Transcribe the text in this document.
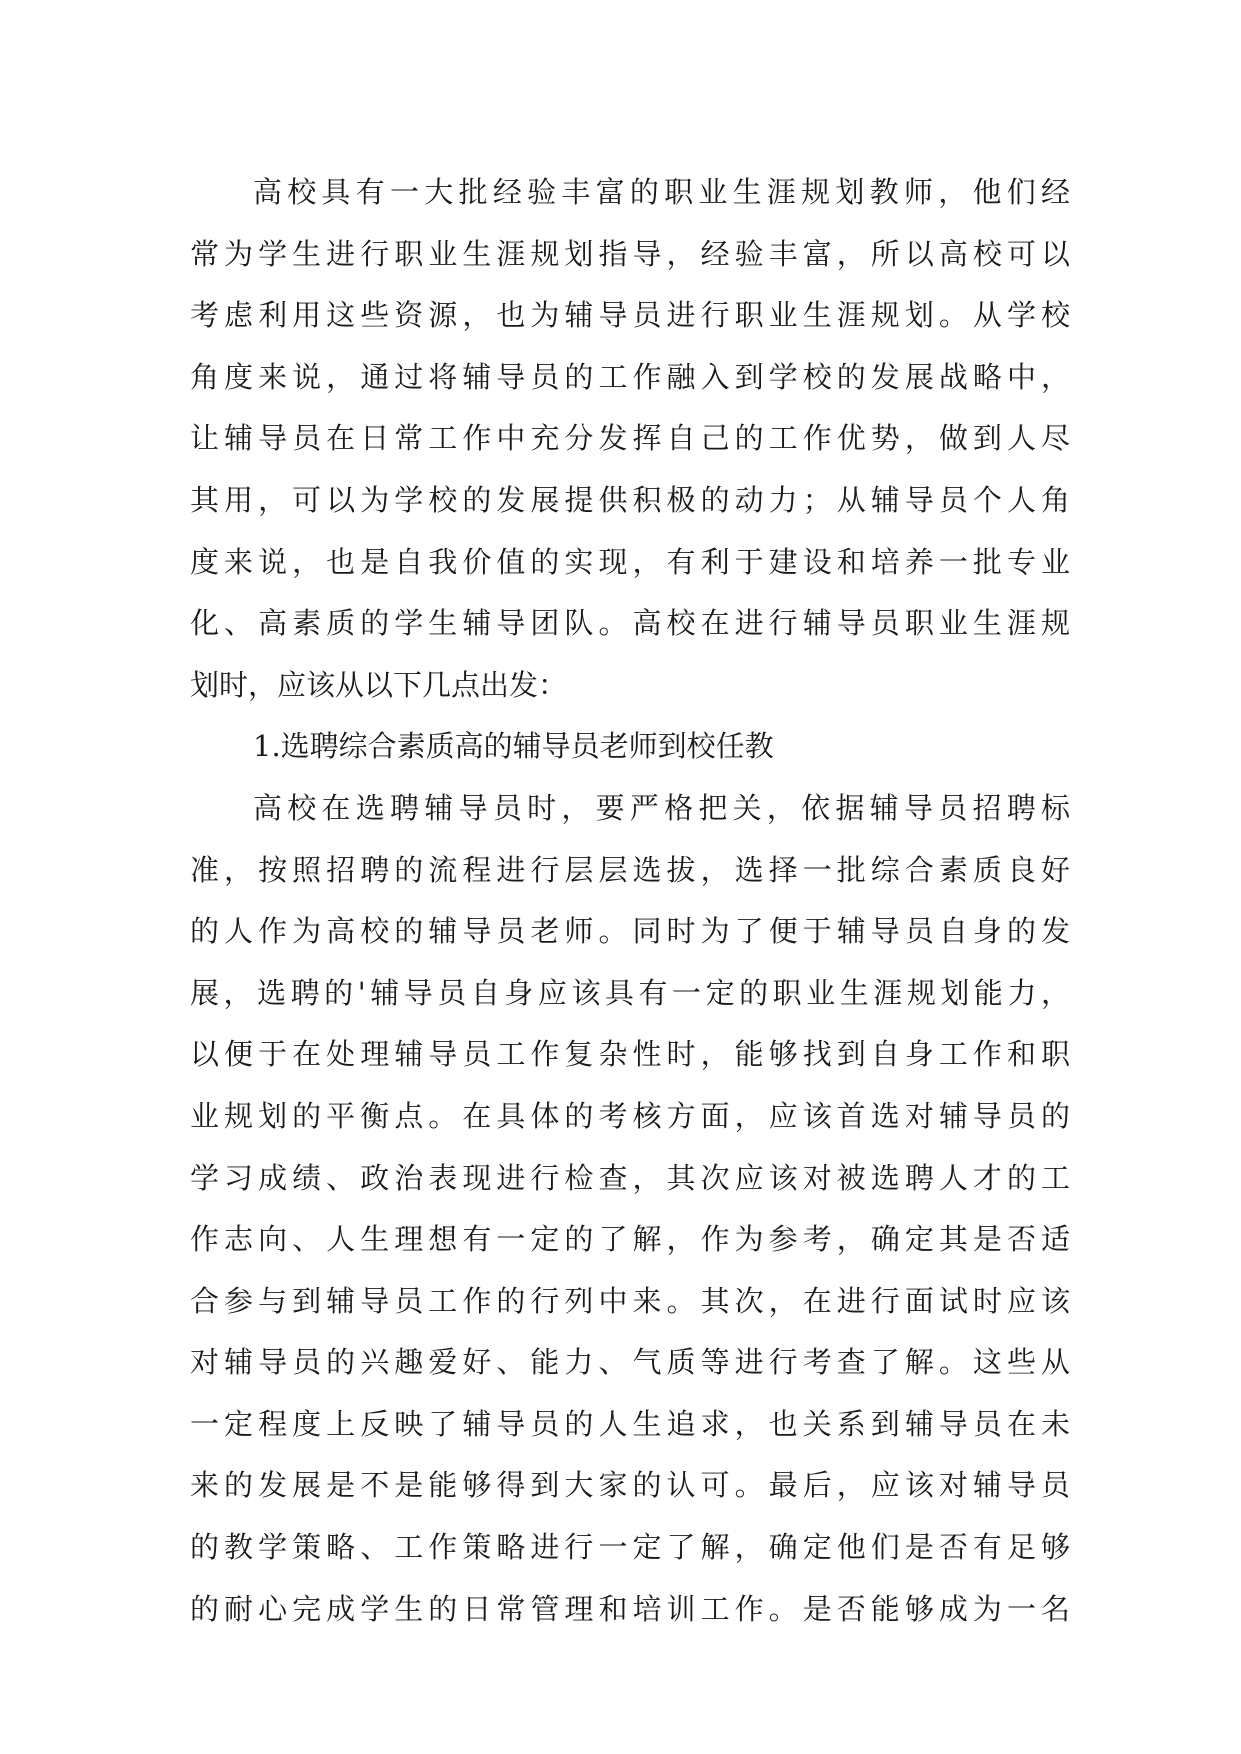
高校具有一大批经验丰富的职业生涯规划教师，他们经
常为学生进行职业生涯规划指导，经验丰富，所以高校可以
考虑利用这些资源，也为辅导员进行职业生涯规划。从学校
角度来说，通过将辅导员的工作融入到学校的发展战略中，
让辅导员在日常工作中充分发挥自己的工作优势，做到人尽
其用，可以为学校的发展提供积极的动力；从辅导员个人角
度来说，也是自我价值的实现，有利于建设和培养一批专业
化、高素质的学生辅导团队。高校在进行辅导员职业生涯规
划时，应该从以下几点出发：
1.选聘综合素质高的辅导员老师到校任教
高校在选聘辅导员时，要严格把关，依据辅导员招聘标
准，按照招聘的流程进行层层选拔，选择一批综合素质良好
的人作为高校的辅导员老师。同时为了便于辅导员自身的发
展，选聘的'辅导员自身应该具有一定的职业生涯规划能力，
以便于在处理辅导员工作复杂性时，能够找到自身工作和职
业规划的平衡点。在具体的考核方面，应该首选对辅导员的
学习成绩、政治表现进行检查，其次应该对被选聘人才的工
作志向、人生理想有一定的了解，作为参考，确定其是否适
合参与到辅导员工作的行列中来。其次，在进行面试时应该
对辅导员的兴趣爱好、能力、气质等进行考查了解。这些从
一定程度上反映了辅导员的人生追求，也关系到辅导员在未
来的发展是不是能够得到大家的认可。最后，应该对辅导员
的教学策略、工作策略进行一定了解，确定他们是否有足够
的耐心完成学生的日常管理和培训工作。是否能够成为一名
